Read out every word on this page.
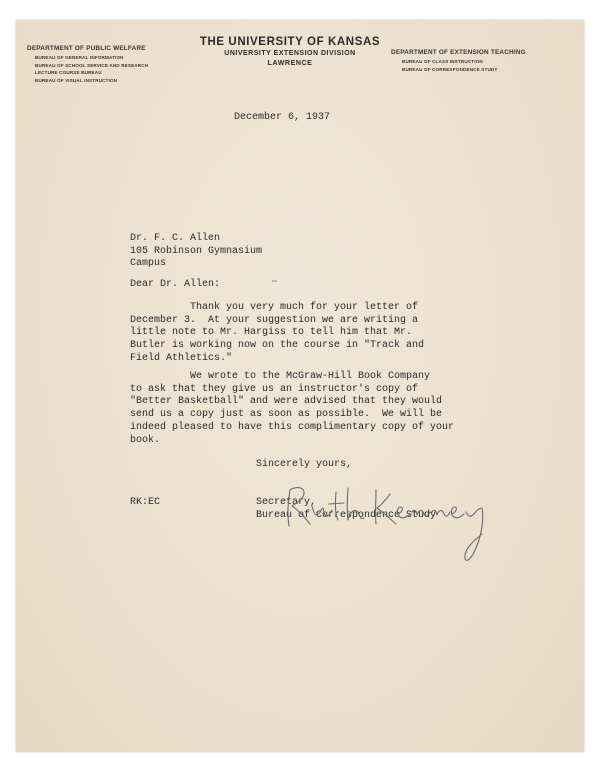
DEPARTMENT OF PUBLIC WELFARE
BUREAU OF GENERAL INFORMATION
BUREAU OF SCHOOL SERVICE AND RESEARCH
LECTURE COURSE BUREAU
BUREAU OF VISUAL INSTRUCTION
THE UNIVERSITY OF KANSAS
UNIVERSITY EXTENSION DIVISION
LAWRENCE
DEPARTMENT OF EXTENSION TEACHING
BUREAU OF CLASS INSTRUCTION
BUREAU OF CORRESPONDENCE STUDY
December 6, 1937
Dr. F. C. Allen
105 Robinson Gymnasium
Campus
Dear Dr. Allen:
Thank you very much for your letter of
December 3.  At your suggestion we are writing a
little note to Mr. Hargiss to tell him that Mr.
Butler is working now on the course in "Track and
Field Athletics."
We wrote to the McGraw-Hill Book Company
to ask that they give us an instructor's copy of
"Better Basketball" and were advised that they would
send us a copy just as soon as possible.  We will be
indeed pleased to have this complimentary copy of your
book.
Sincerely yours,
RK:EC	Secretary,
Bureau of Correspondence Study
